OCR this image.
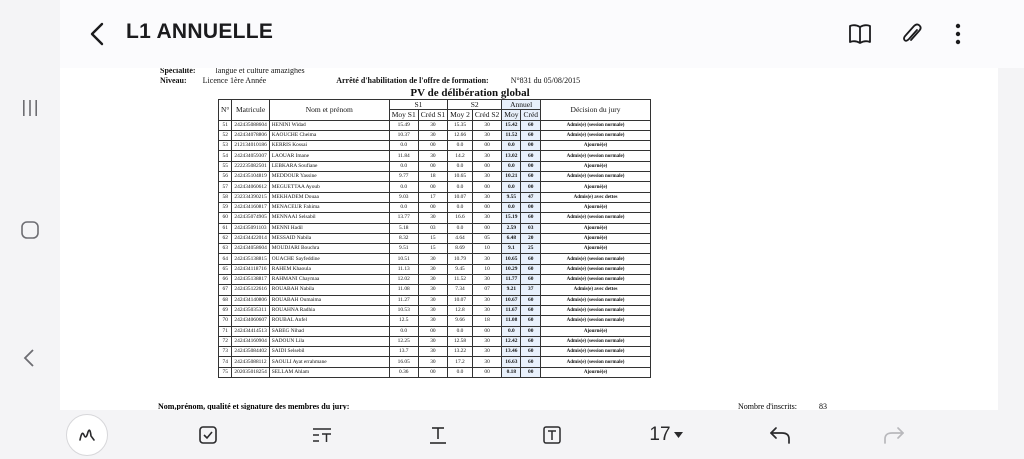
L1 ANNUELLE
Spécialité:	langue et culture amazighes
Niveau: Licence 1ère Année	Arrêté d'habilitation de l'offre de formation:	N°831 du 05/08/2015
PV de délibération global
N°	Matricule	Nom et prénom	S1		S2		Annuel		Décision du jury
			Moy S1	Créd S1	Moy 2	Créd S2	Moy	Créd	
51	242435088604	HENINI Widad	15.49	30	15.35	30	15.42	60	Admis(e) (session normale)
52	242434078806	KAOUCHE Cheima	10.37	30	12.66	30	11.52	60	Admis(e) (session normale)
53	212134010186	KERRIS Kossai	0.0	00	0.0	00	0.0	00	Ajourné(e)
54	242434059307	LAOUAR Imane	11.84	30	14.2	30	13.02	60	Admis(e) (session normale)
55	222235082501	LEBKARA Soufiane	0.0	00	0.0	00	0.0	00	Ajourné(e)
56	242435104819	MEDDOUR Yassine	9.77	18	10.65	30	10.21	60	Admis(e) (session normale)
57	242434060612	MEGUETTAA Ayoub	0.0	00	0.0	00	0.0	00	Ajourné(e)
58	232334390215	MEKHADEM Douaa	9.03	17	10.07	30	9.55	47	Admis(e) avec dettes
59	242434160817	MENACEUR Fahima	0.0	00	0.0	00	0.0	00	Ajourné(e)
60	242435074905	MENNAAI Selsabil	13.77	30	16.6	30	15.19	60	Admis(e) (session normale)
61	242435091103	MENNI Hadil	5.18	03	0.0	00	2.59	03	Ajourné(e)
62	242434422014	MESSAID Nabila	8.32	15	4.64	05	6.48	20	Ajourné(e)
63	242434058604	MOUDJARI Bouchra	9.51	15	8.69	10	9.1	25	Ajourné(e)
64	242435138815	OUACHE Sayfeddine	10.51	30	10.79	30	10.65	60	Admis(e) (session normale)
65	242434118716	RAHEM Khaoula	11.13	30	9.45	10	10.29	60	Admis(e) (session normale)
66	242435138817	RAHMANI Chaymaa	12.02	30	11.52	30	11.77	60	Admis(e) (session normale)
67	242435122616	ROUABAH Nabila	11.08	30	7.34	07	9.21	37	Admis(e) avec dettes
68	242434140806	ROUABAH Oumaima	11.27	30	10.07	30	10.67	60	Admis(e) (session normale)
69	242435035311	ROUAHNA Radhia	10.53	30	12.8	30	11.67	60	Admis(e) (session normale)
70	242434060607	ROUBAL Anfel	12.5	30	9.66	18	11.08	60	Admis(e) (session normale)
71	242434414513	SABEG Nihad	0.0	00	0.0	00	0.0	00	Ajourné(e)
72	242434160904	SADOUN Lila	12.25	30	12.58	30	12.42	60	Admis(e) (session normale)
73	242435084402	SAIDI Selsebil	13.7	30	13.22	30	13.46	60	Admis(e) (session normale)
74	242435088112	SAOULI Ayat errahmane	16.05	30	17.2	30	16.63	60	Admis(e) (session normale)
75	202035018254	SELLAM Ahlam	0.36	00	0.0	00	0.18	00	Ajourné(e)
Nom,prénom, qualité et signature des membres du jury:	Nombre d'inscrits:	83
17
